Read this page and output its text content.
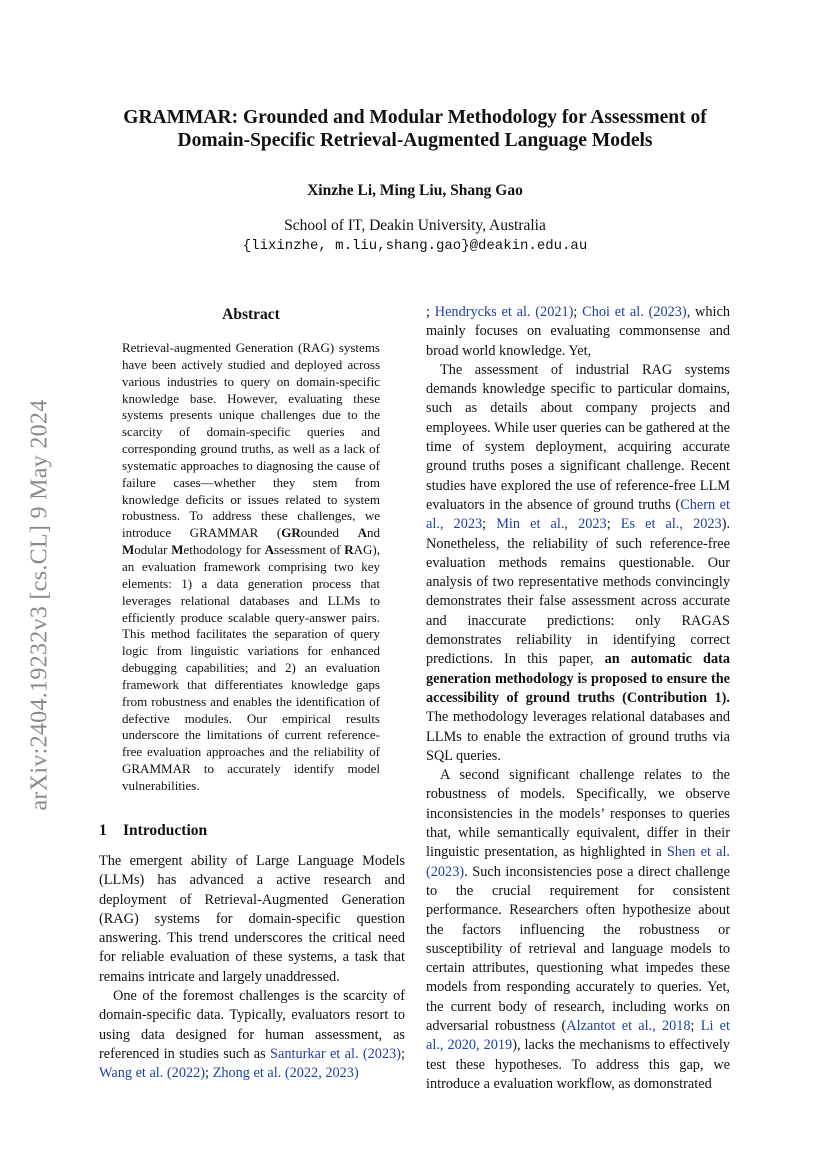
arXiv:2404.19232v3 [cs.CL] 9 May 2024
GRAMMAR: Grounded and Modular Methodology for Assessment of
Domain-Specific Retrieval-Augmented Language Models
Xinzhe Li, Ming Liu, Shang Gao
School of IT, Deakin University, Australia
{lixinzhe, m.liu,shang.gao}@deakin.edu.au
Abstract
Retrieval-augmented Generation (RAG) systems have been actively studied and deployed across various industries to query on domain-specific knowledge base. However, evaluating these systems presents unique challenges due to the scarcity of domain-specific queries and corresponding ground truths, as well as a lack of systematic approaches to diagnosing the cause of failure cases—whether they stem from knowledge deficits or issues related to system robustness. To address these challenges, we introduce GRAMMAR (GRounded And Modular Methodology for Assessment of RAG), an evaluation framework comprising two key elements: 1) a data generation process that leverages relational databases and LLMs to efficiently produce scalable query-answer pairs. This method facilitates the separation of query logic from linguistic variations for enhanced debugging capabilities; and 2) an evaluation framework that differentiates knowledge gaps from robustness and enables the identification of defective modules. Our empirical results underscore the limitations of current reference-free evaluation approaches and the reliability of GRAMMAR to accurately identify model vulnerabilities.
1 Introduction

The emergent ability of Large Language Models (LLMs) has advanced a active research and deployment of Retrieval-Augmented Generation (RAG) systems for domain-specific question answering. This trend underscores the critical need for reliable evaluation of these systems, a task that remains intricate and largely unaddressed.

One of the foremost challenges is the scarcity of domain-specific data. Typically, evaluators resort to using data designed for human assessment, as referenced in studies such as Santurkar et al. (2023); Wang et al. (2022); Zhong et al. (2022, 2023)

; Hendrycks et al. (2021); Choi et al. (2023), which mainly focuses on evaluating commonsense and broad world knowledge. Yet,

The assessment of industrial RAG systems demands knowledge specific to particular domains, such as details about company projects and employees. While user queries can be gathered at the time of system deployment, acquiring accurate ground truths poses a significant challenge. Recent studies have explored the use of reference-free LLM evaluators in the absence of ground truths (Chern et al., 2023; Min et al., 2023; Es et al., 2023). Nonetheless, the reliability of such reference-free evaluation methods remains questionable. Our analysis of two representative methods convincingly demonstrates their false assessment across accurate and inaccurate predictions: only RAGAS demonstrates reliability in identifying correct predictions. In this paper, an automatic data generation methodology is proposed to ensure the accessibility of ground truths (Contribution 1). The methodology leverages relational databases and LLMs to enable the extraction of ground truths via SQL queries.

A second significant challenge relates to the robustness of models. Specifically, we observe inconsistencies in the models’ responses to queries that, while semantically equivalent, differ in their linguistic presentation, as highlighted in Shen et al. (2023). Such inconsistencies pose a direct challenge to the crucial requirement for consistent performance. Researchers often hypothesize about the factors influencing the robustness or susceptibility of retrieval and language models to certain attributes, questioning what impedes these models from responding accurately to queries. Yet, the current body of research, including works on adversarial robustness (Alzantot et al., 2018; Li et al., 2020, 2019), lacks the mechanisms to effectively test these hypotheses. To address this gap, we introduce a evaluation workflow, as domonstrated
